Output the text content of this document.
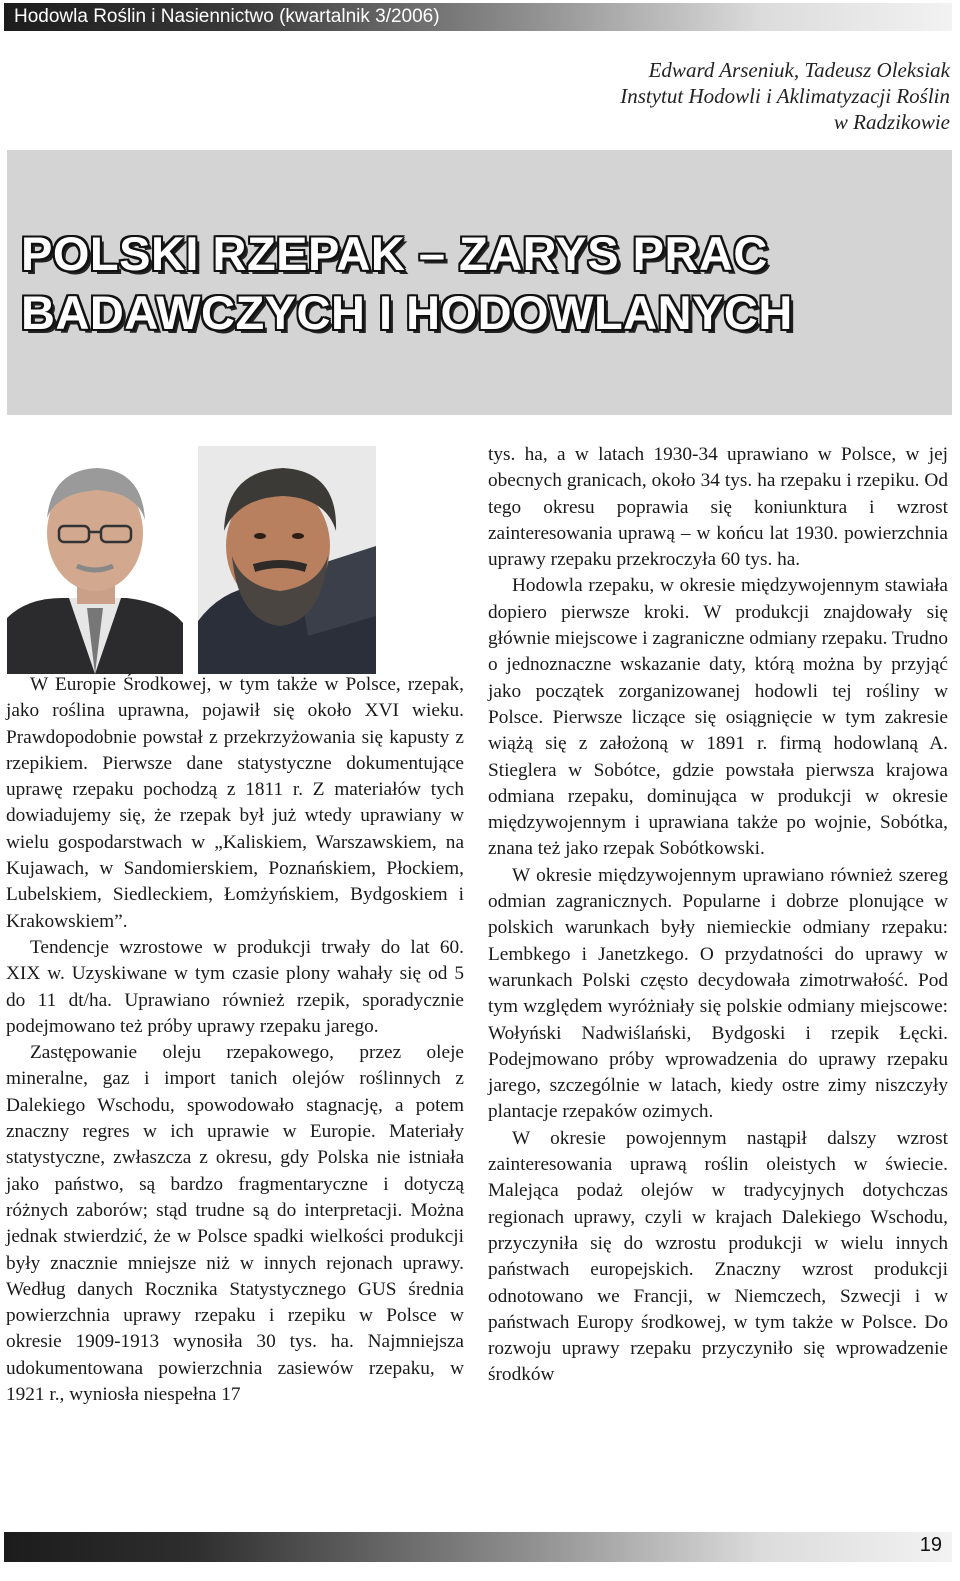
Hodowla Roślin i Nasiennictwo (kwartalnik 3/2006)
Edward Arseniuk, Tadeusz Oleksiak
Instytut Hodowli i Aklimatyzacji Roślin
w Radzikowie
POLSKI RZEPAK – ZARYS PRAC
BADAWCZYCH I HODOWLANYCH

W Europie Środkowej, w tym także w Polsce, rzepak, jako roślina uprawna, pojawił się około XVI wieku. Prawdopodobnie powstał z przekrzyżowania się kapusty z rzepikiem. Pierwsze dane statystyczne dokumentujące uprawę rzepaku pochodzą z 1811 r. Z materiałów tych dowiadujemy się, że rzepak był już wtedy uprawiany w wielu gospodarstwach w „Kaliskiem, Warszawskiem, na Kujawach, w Sandomierskiem, Poznańskiem, Płockiem, Lubelskiem, Siedleckiem, Łomżyńskiem, Bydgoskiem i Krakowskiem”.

Tendencje wzrostowe w produkcji trwały do lat 60. XIX w. Uzyskiwane w tym czasie plony wahały się od 5 do 11 dt/ha. Uprawiano również rzepik, sporadycznie podejmowano też próby uprawy rzepaku jarego.

Zastępowanie oleju rzepakowego, przez oleje mineralne, gaz i import tanich olejów roślinnych z Dalekiego Wschodu, spowodowało stagnację, a potem znaczny regres w ich uprawie w Europie. Materiały statystyczne, zwłaszcza z okresu, gdy Polska nie istniała jako państwo, są bardzo fragmentaryczne i dotyczą różnych zaborów; stąd trudne są do interpretacji. Można jednak stwierdzić, że w Polsce spadki wielkości produkcji były znacznie mniejsze niż w innych rejonach uprawy. Według danych Rocznika Statystycznego GUS średnia powierzchnia uprawy rzepaku i rzepiku w Polsce w okresie 1909-1913 wynosiła 30 tys. ha. Najmniejsza udokumentowana powierzchnia zasiewów rzepaku, w 1921 r., wyniosła niespełna 17

tys. ha, a w latach 1930-34 uprawiano w Polsce, w jej obecnych granicach, około 34 tys. ha rzepaku i rzepiku. Od tego okresu poprawia się koniunktura i wzrost zainteresowania uprawą – w końcu lat 1930. powierzchnia uprawy rzepaku przekroczyła 60 tys. ha.

Hodowla rzepaku, w okresie międzywojennym stawiała dopiero pierwsze kroki. W produkcji znajdowały się głównie miejscowe i zagraniczne odmiany rzepaku. Trudno o jednoznaczne wskazanie daty, którą można by przyjąć jako początek zorganizowanej hodowli tej rośliny w Polsce. Pierwsze liczące się osiągnięcie w tym zakresie wiążą się z założoną w 1891 r. firmą hodowlaną A. Stieglera w Sobótce, gdzie powstała pierwsza krajowa odmiana rzepaku, dominująca w produkcji w okresie międzywojennym i uprawiana także po wojnie, Sobótka, znana też jako rzepak Sobótkowski.

W okresie międzywojennym uprawiano również szereg odmian zagranicznych. Popularne i dobrze plonujące w polskich warunkach były niemieckie odmiany rzepaku: Lembkego i Janetzkego. O przydatności do uprawy w warunkach Polski często decydowała zimotrwałość. Pod tym względem wyróżniały się polskie odmiany miejscowe: Wołyński Nadwiślański, Bydgoski i rzepik Łęcki. Podejmowano próby wprowadzenia do uprawy rzepaku jarego, szczególnie w latach, kiedy ostre zimy niszczyły plantacje rzepaków ozimych.

W okresie powojennym nastąpił dalszy wzrost zainteresowania uprawą roślin oleistych w świecie. Malejąca podaż olejów w tradycyjnych dotychczas regionach uprawy, czyli w krajach Dalekiego Wschodu, przyczyniła się do wzrostu produkcji w wielu innych państwach europejskich. Znaczny wzrost produkcji odnotowano we Francji, w Niemczech, Szwecji i w państwach Europy środkowej, w tym także w Polsce. Do rozwoju uprawy rzepaku przyczyniło się wprowadzenie środków

19
